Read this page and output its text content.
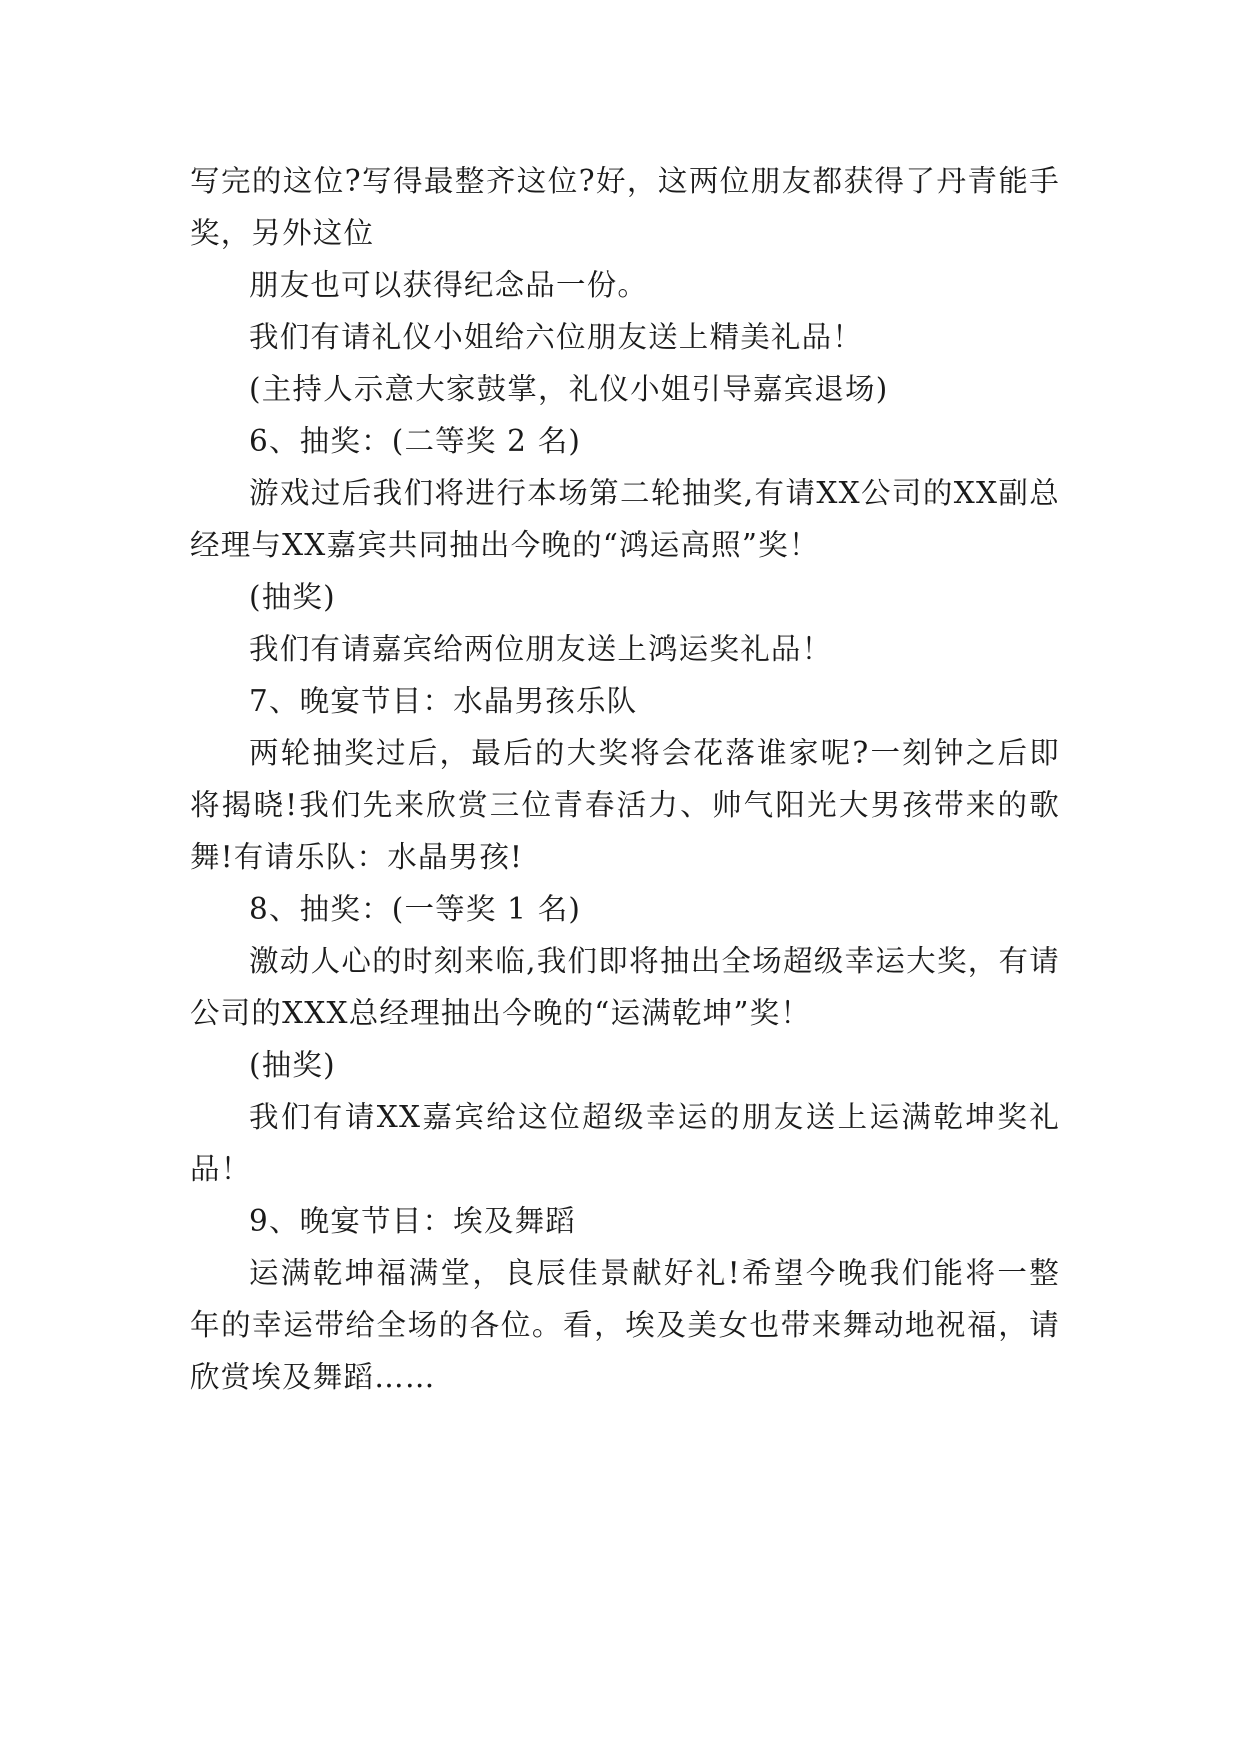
写完的这位?写得最整齐这位?好，这两位朋友都获得了丹青能手奖，另外这位

朋友也可以获得纪念品一份。

我们有请礼仪小姐给六位朋友送上精美礼品！

(主持人示意大家鼓掌，礼仪小姐引导嘉宾退场)

6、抽奖：(二等奖 2 名)

游戏过后我们将进行本场第二轮抽奖,有请XX公司的XX副总经理与XX嘉宾共同抽出今晚的“鸿运高照”奖！

(抽奖)

我们有请嘉宾给两位朋友送上鸿运奖礼品！

7、晚宴节目：水晶男孩乐队

两轮抽奖过后，最后的大奖将会花落谁家呢?一刻钟之后即将揭晓!我们先来欣赏三位青春活力、帅气阳光大男孩带来的歌舞!有请乐队：水晶男孩!

8、抽奖：(一等奖 1 名)

激动人心的时刻来临,我们即将抽出全场超级幸运大奖，有请公司的XXX总经理抽出今晚的“运满乾坤”奖！

(抽奖)

我们有请XX嘉宾给这位超级幸运的朋友送上运满乾坤奖礼品！

9、晚宴节目：埃及舞蹈

运满乾坤福满堂，良辰佳景献好礼!希望今晚我们能将一整年的幸运带给全场的各位。看，埃及美女也带来舞动地祝福，请欣赏埃及舞蹈……
